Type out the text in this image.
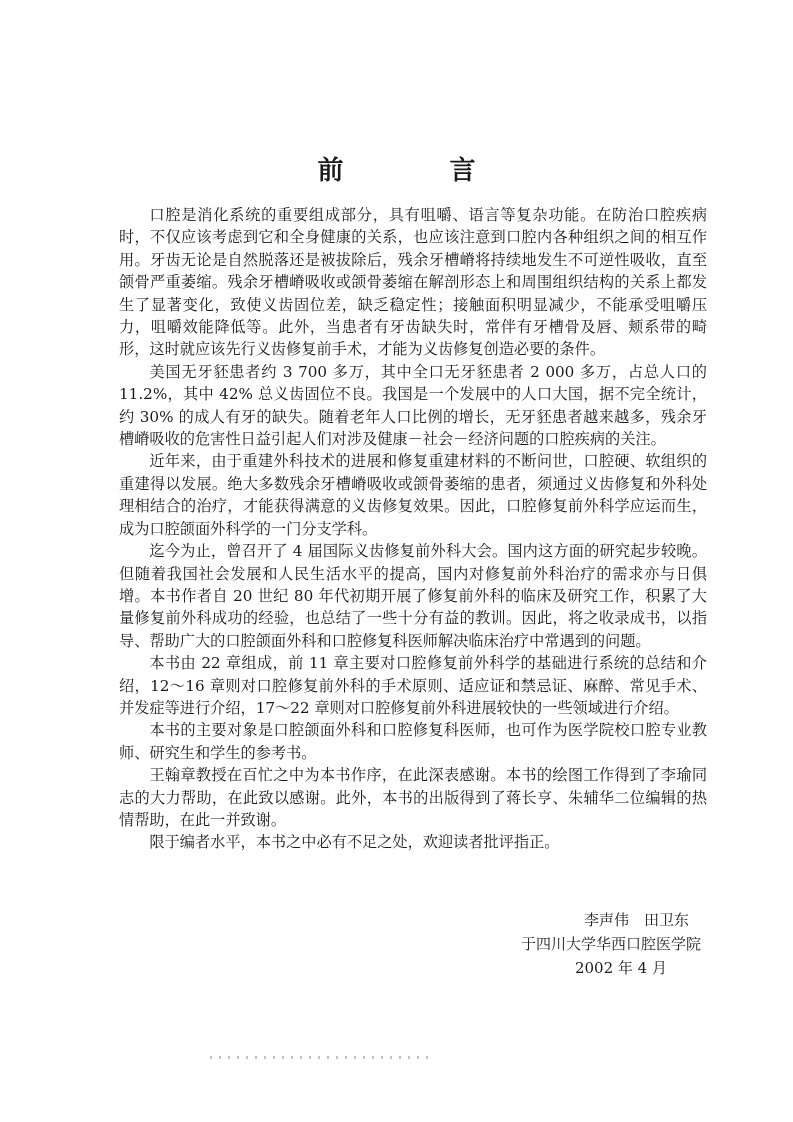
前　言

口腔是消化系统的重要组成部分，具有咀嚼、语言等复杂功能。在防治口腔疾病时，不仅应该考虑到它和全身健康的关系，也应该注意到口腔内各种组织之间的相互作用。牙齿无论是自然脱落还是被拔除后，残余牙槽嵴将持续地发生不可逆性吸收，直至颌骨严重萎缩。残余牙槽嵴吸收或颌骨萎缩在解剖形态上和周围组织结构的关系上都发生了显著变化，致使义齿固位差，缺乏稳定性；接触面积明显减少，不能承受咀嚼压力，咀嚼效能降低等。此外，当患者有牙齿缺失时，常伴有牙槽骨及唇、颊系带的畸形，这时就应该先行义齿修复前手术，才能为义齿修复创造必要的条件。

美国无牙豾患者约 3 700 多万，其中全口无牙豾患者 2 000 多万，占总人口的 11.2%，其中 42% 总义齿固位不良。我国是一个发展中的人口大国，据不完全统计，约 30% 的成人有牙的缺失。随着老年人口比例的增长，无牙豾患者越来越多，残余牙槽嵴吸收的危害性日益引起人们对涉及健康－社会－经济问题的口腔疾病的关注。

近年来，由于重建外科技术的进展和修复重建材料的不断问世，口腔硬、软组织的重建得以发展。绝大多数残余牙槽嵴吸收或颌骨萎缩的患者，须通过义齿修复和外科处理相结合的治疗，才能获得满意的义齿修复效果。因此，口腔修复前外科学应运而生，成为口腔颌面外科学的一门分支学科。

迄今为止，曾召开了 4 届国际义齿修复前外科大会。国内这方面的研究起步较晚。但随着我国社会发展和人民生活水平的提高，国内对修复前外科治疗的需求亦与日俱增。本书作者自 20 世纪 80 年代初期开展了修复前外科的临床及研究工作，积累了大量修复前外科成功的经验，也总结了一些十分有益的教训。因此，将之收录成书，以指导、帮助广大的口腔颌面外科和口腔修复科医师解决临床治疗中常遇到的问题。

本书由 22 章组成，前 11 章主要对口腔修复前外科学的基础进行系统的总结和介绍，12～16 章则对口腔修复前外科的手术原则、适应证和禁忌证、麻醉、常见手术、并发症等进行介绍，17～22 章则对口腔修复前外科进展较快的一些领域进行介绍。

本书的主要对象是口腔颌面外科和口腔修复科医师，也可作为医学院校口腔专业教师、研究生和学生的参考书。

王翰章教授在百忙之中为本书作序，在此深表感谢。本书的绘图工作得到了李瑜同志的大力帮助，在此致以感谢。此外，本书的出版得到了蒋长亨、朱辅华二位编辑的热情帮助，在此一并致谢。

限于编者水平，本书之中必有不足之处，欢迎读者批评指正。

李声伟　田卫东
于四川大学华西口腔医学院
2002 年 4 月
